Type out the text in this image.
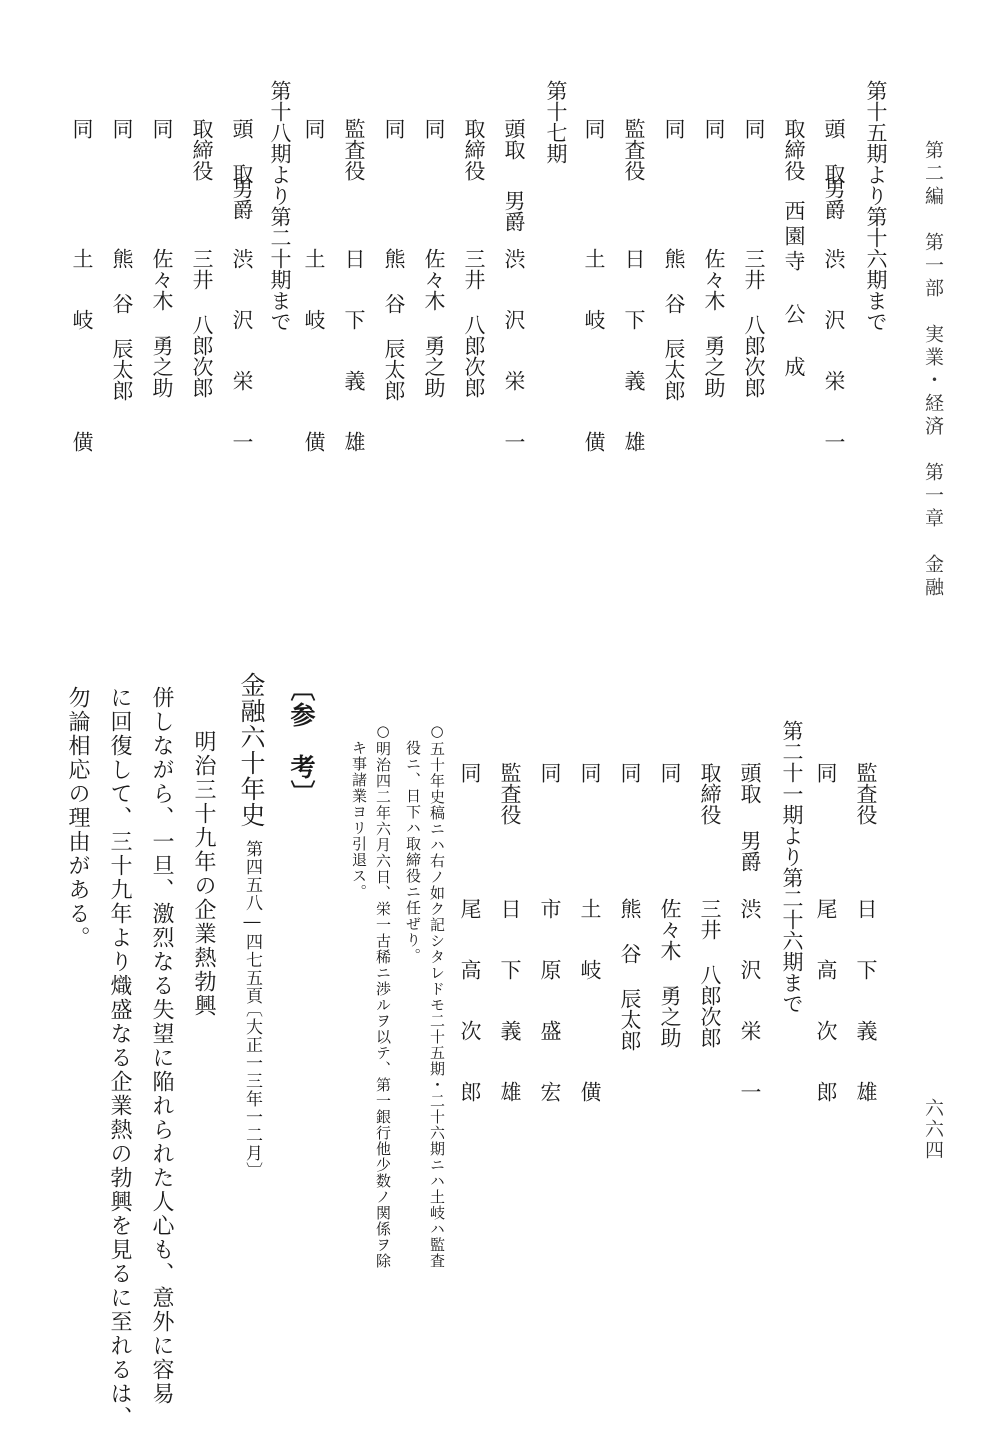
第二編　第一部　実業・経済　第一章　金融
六六四
第十五期より第十六期まで
頭 取
男爵
渋 沢 栄 一
取締役
西園寺 公 成
同
三井 八郎次郎
同
佐々木 勇之助
同
熊 谷 辰太郎
監査役
日 下 義 雄
同
土 岐 　 僙
第十七期
頭取
男爵
渋 沢 栄 一
取締役
三井 八郎次郎
同
佐々木 勇之助
同
熊 谷 辰太郎
監査役
日 下 義 雄
同
土 岐 　 僙
第十八期より第二十期まで
頭 取
男爵
渋 沢 栄 一
取締役
三井 八郎次郎
同
佐々木 勇之助
同
熊 谷 辰太郎
同
土 岐 　 僙
監査役
日 下 義 雄
同
尾 高 次 郎
第二十一期より第二十六期まで
頭取
男爵
渋 沢 栄 一
取締役
三井 八郎次郎
同
佐々木 勇之助
同
熊 谷 辰太郎
同
土 岐 　 僙
同
市 原 盛 宏
監査役
日 下 義 雄
同
尾 高 次 郎
○五十年史稿ニハ右ノ如ク記シタレドモ二十五期・二十六期ニハ土岐ハ監査
役ニ、日下ハ取締役ニ任ぜり。
○明治四二年六月六日、栄一古稀ニ渉ルヲ以テ、第一銀行他少数ノ関係ヲ除
キ事諸業ヨリ引退ス。
〔参　考〕
金融六十年史
第四五八―四七五頁
〔大正一三年一二月〕
明治三十九年の企業熱勃興
併しながら、一旦、激烈なる失望に陥れられた人心も、意外に容易
に回復して、三十九年より熾盛なる企業熱の勃興を見るに至れるは、
勿論相応の理由がある。
